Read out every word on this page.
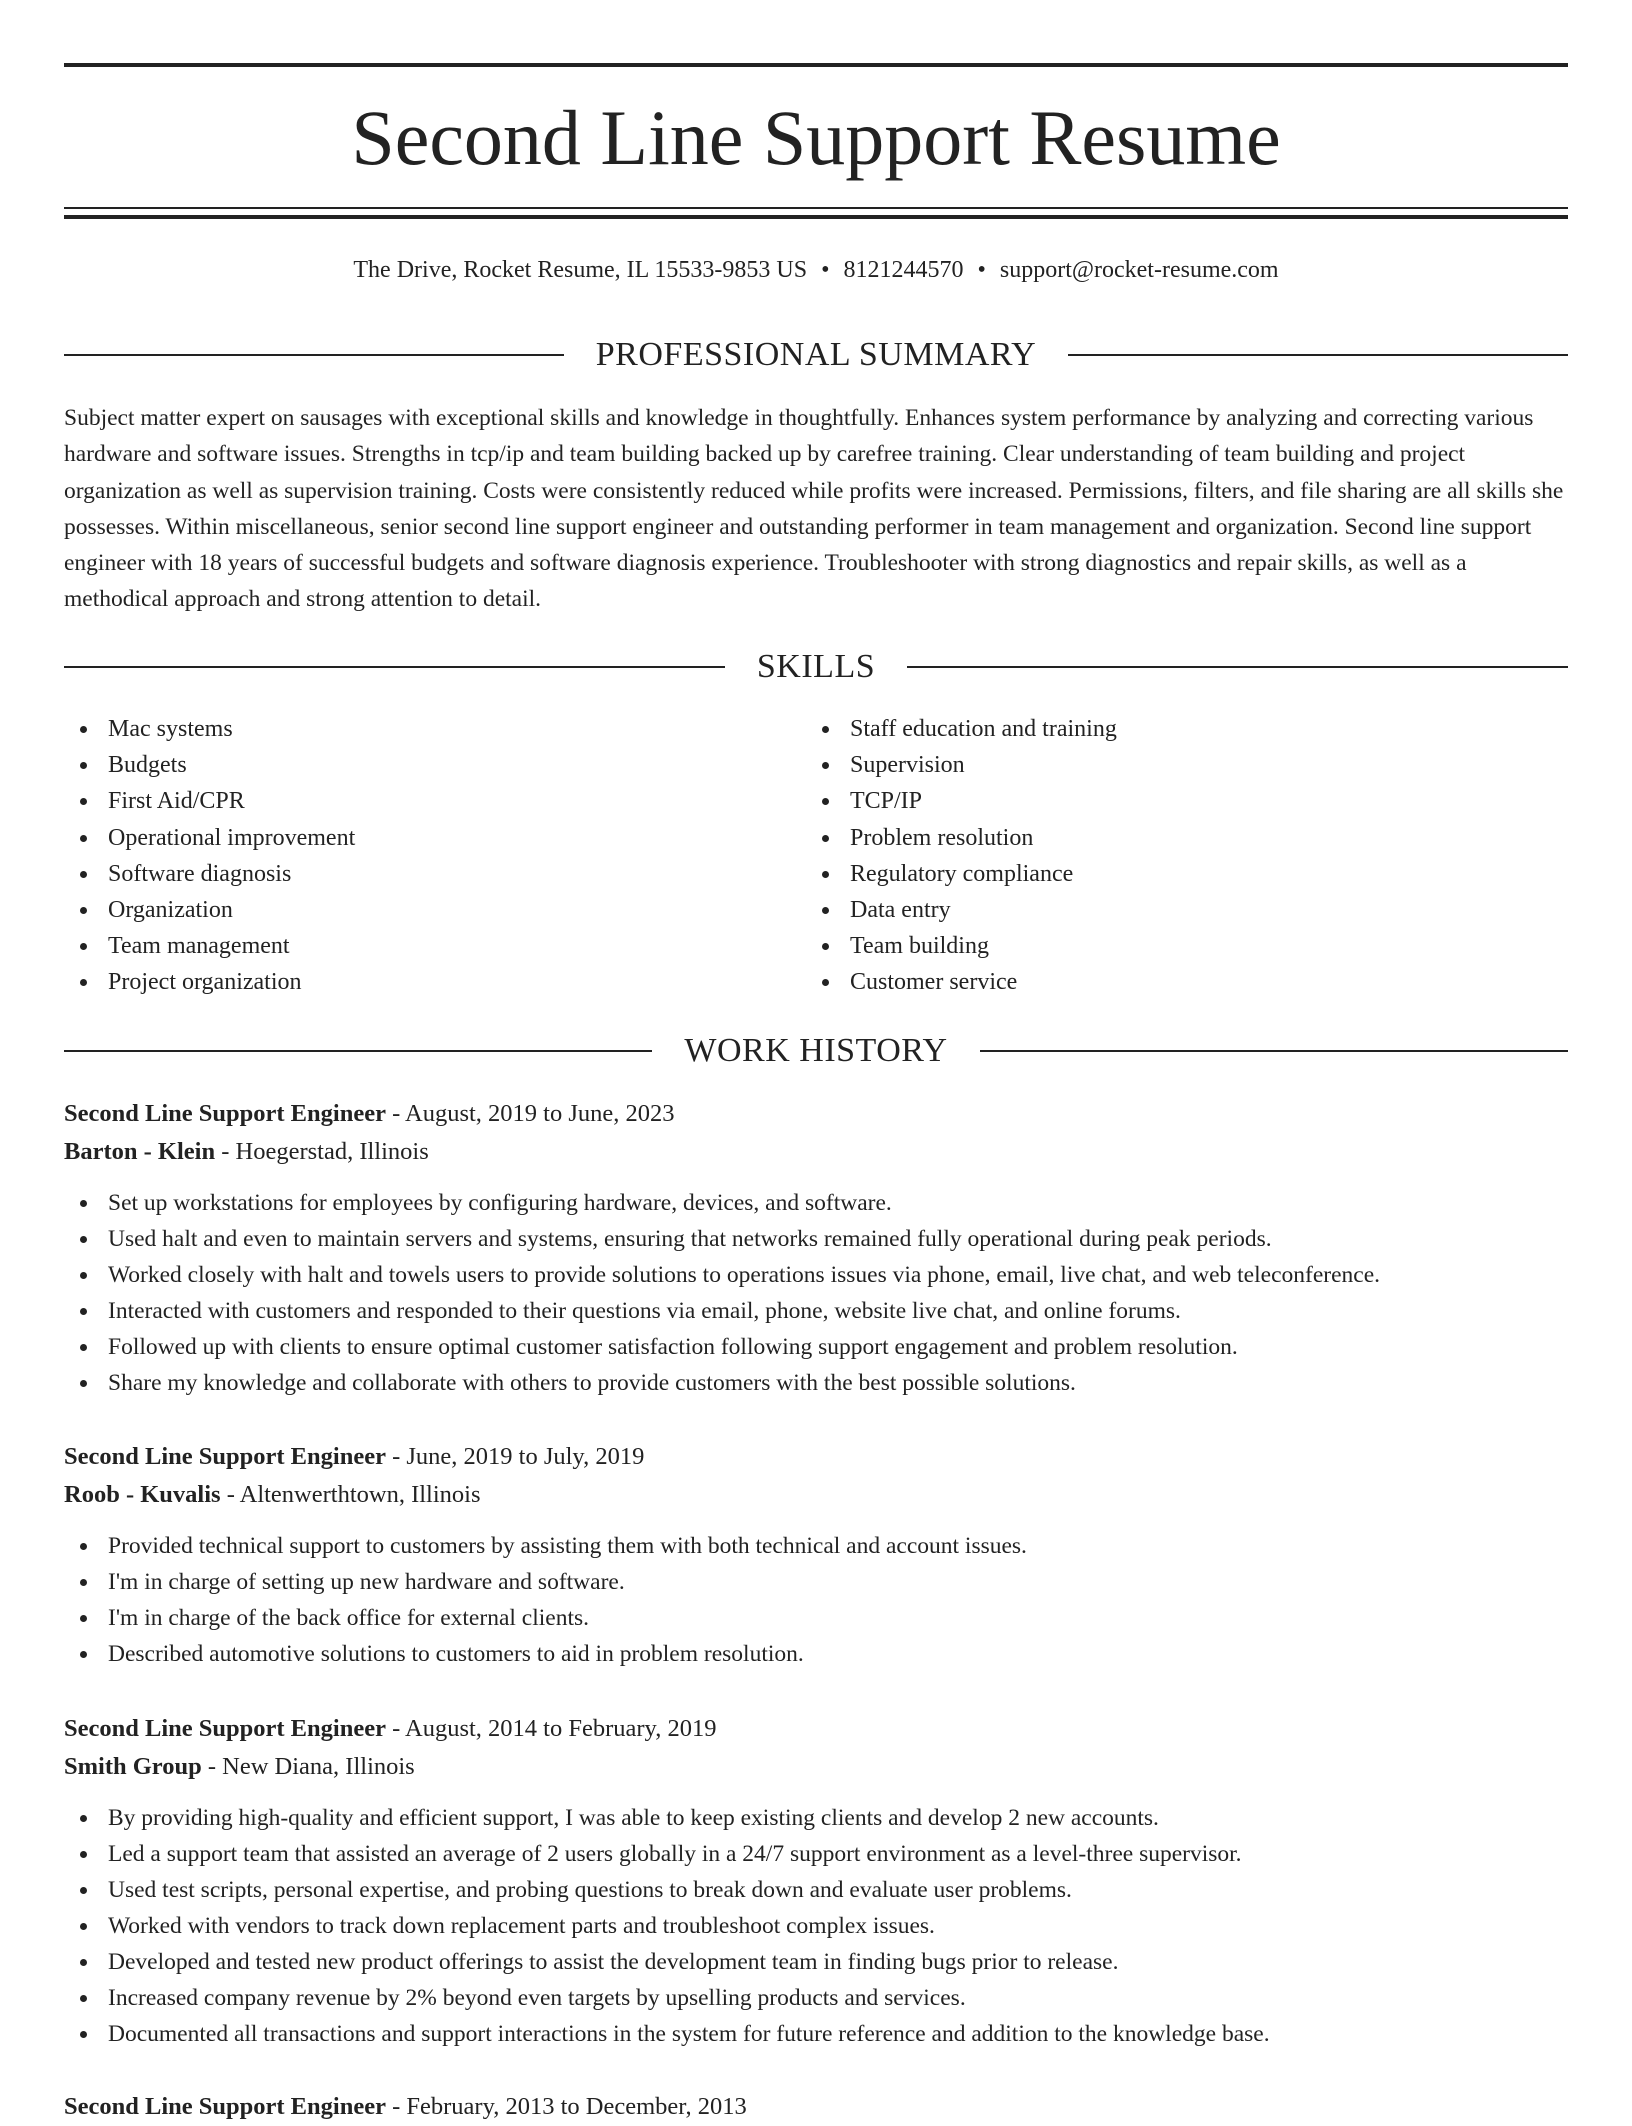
Second Line Support Resume
The Drive, Rocket Resume, IL 15533-9853 US • 8121244570 • support@rocket-resume.com
PROFESSIONAL SUMMARY

Subject matter expert on sausages with exceptional skills and knowledge in thoughtfully. Enhances system performance by analyzing and correcting various hardware and software issues. Strengths in tcp/ip and team building backed up by carefree training. Clear understanding of team building and project organization as well as supervision training. Costs were consistently reduced while profits were increased. Permissions, filters, and file sharing are all skills she possesses. Within miscellaneous, senior second line support engineer and outstanding performer in team management and organization. Second line support engineer with 18 years of successful budgets and software diagnosis experience. Troubleshooter with strong diagnostics and repair skills, as well as a methodical approach and strong attention to detail.

SKILLS
Mac systems
Budgets
First Aid/CPR
Operational improvement
Software diagnosis
Organization
Team management
Project organization
Staff education and training
Supervision
TCP/IP
Problem resolution
Regulatory compliance
Data entry
Team building
Customer service
WORK HISTORY
Second Line Support Engineer - August, 2019 to June, 2023
Barton - Klein - Hoegerstad, Illinois
Set up workstations for employees by configuring hardware, devices, and software.
Used halt and even to maintain servers and systems, ensuring that networks remained fully operational during peak periods.
Worked closely with halt and towels users to provide solutions to operations issues via phone, email, live chat, and web teleconference.
Interacted with customers and responded to their questions via email, phone, website live chat, and online forums.
Followed up with clients to ensure optimal customer satisfaction following support engagement and problem resolution.
Share my knowledge and collaborate with others to provide customers with the best possible solutions.
Second Line Support Engineer - June, 2019 to July, 2019
Roob - Kuvalis - Altenwerthtown, Illinois
Provided technical support to customers by assisting them with both technical and account issues.
I'm in charge of setting up new hardware and software.
I'm in charge of the back office for external clients.
Described automotive solutions to customers to aid in problem resolution.
Second Line Support Engineer - August, 2014 to February, 2019
Smith Group - New Diana, Illinois
By providing high-quality and efficient support, I was able to keep existing clients and develop 2 new accounts.
Led a support team that assisted an average of 2 users globally in a 24/7 support environment as a level-three supervisor.
Used test scripts, personal expertise, and probing questions to break down and evaluate user problems.
Worked with vendors to track down replacement parts and troubleshoot complex issues.
Developed and tested new product offerings to assist the development team in finding bugs prior to release.
Increased company revenue by 2% beyond even targets by upselling products and services.
Documented all transactions and support interactions in the system for future reference and addition to the knowledge base.
Second Line Support Engineer - February, 2013 to December, 2013
